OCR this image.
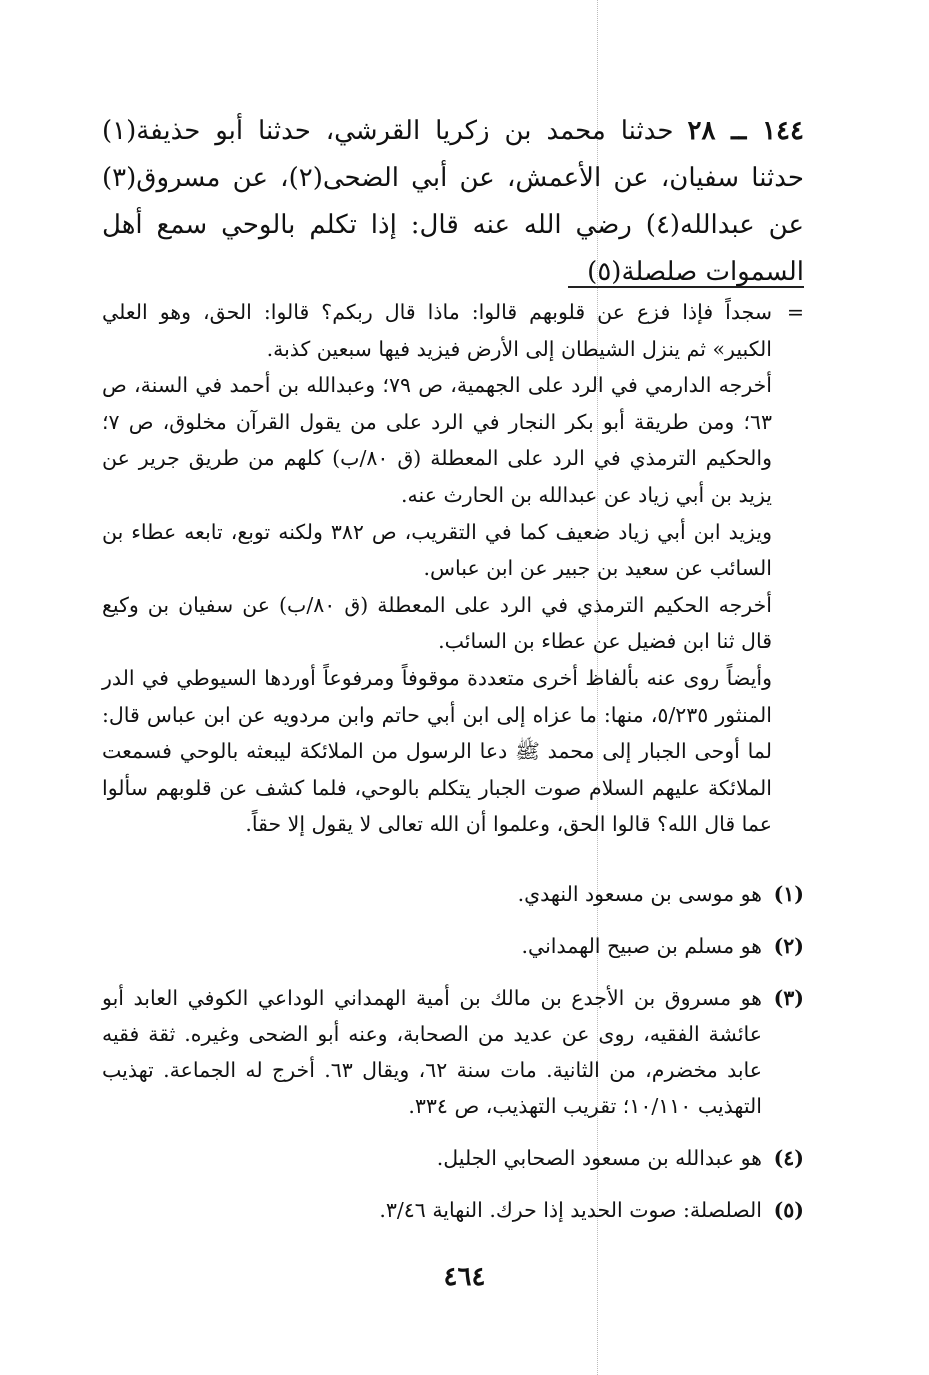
١٤٤ ــ ٢٨حدثنا محمد بن زكريا القرشي، حدثنا أبو حذيفة(١) حدثنا سفيان، عن الأعمش، عن أبي الضحى(٢)، عن مسروق(٣) عن عبدالله(٤) رضي الله عنه قال: إذا تكلم بالوحي سمع أهل السموات صلصلة(٥)

=
سجداً فإذا فزع عن قلوبهم قالوا: ماذا قال ربكم؟ قالوا: الحق، وهو العلي الكبير» ثم ينزل الشيطان إلى الأرض فيزيد فيها سبعين كذبة.

أخرجه الدارمي في الرد على الجهمية، ص ٧٩؛ وعبدالله بن أحمد في السنة، ص ٦٣؛ ومن طريقة أبو بكر النجار في الرد على من يقول القرآن مخلوق، ص ٧؛ والحكيم الترمذي في الرد على المعطلة (ق ٨٠/ب) كلهم من طريق جرير عن يزيد بن أبي زياد عن عبدالله بن الحارث عنه.

ويزيد ابن أبي زياد ضعيف كما في التقريب، ص ٣٨٢ ولكنه توبع، تابعه عطاء بن السائب عن سعيد بن جبير عن ابن عباس.

أخرجه الحكيم الترمذي في الرد على المعطلة (ق ٨٠/ب) عن سفيان بن وكيع قال ثنا ابن فضيل عن عطاء بن السائب.

وأيضاً روى عنه بألفاظ أخرى متعددة موقوفاً ومرفوعاً أوردها السيوطي في الدر المنثور ٥/٢٣٥، منها: ما عزاه إلى ابن أبي حاتم وابن مردويه عن ابن عباس قال: لما أوحى الجبار إلى محمد ﷺ دعا الرسول من الملائكة ليبعثه بالوحي فسمعت الملائكة عليهم السلام صوت الجبار يتكلم بالوحي، فلما كشف عن قلوبهم سألوا عما قال الله؟ قالوا الحق، وعلموا أن الله تعالى لا يقول إلا حقاً.

(١)
هو موسى بن مسعود النهدي.

(٢)
هو مسلم بن صبيح الهمداني.

(٣)
هو مسروق بن الأجدع بن مالك بن أمية الهمداني الوداعي الكوفي العابد أبو عائشة الفقيه، روى عن عديد من الصحابة، وعنه أبو الضحى وغيره. ثقة فقيه عابد مخضرم، من الثانية. مات سنة ٦٢، ويقال ٦٣. أخرج له الجماعة. تهذيب التهذيب ١٠/١١٠؛ تقريب التهذيب، ص ٣٣٤.

(٤)
هو عبدالله بن مسعود الصحابي الجليل.

(٥)
الصلصلة: صوت الحديد إذا حرك. النهاية ٣/٤٦.

٤٦٤
